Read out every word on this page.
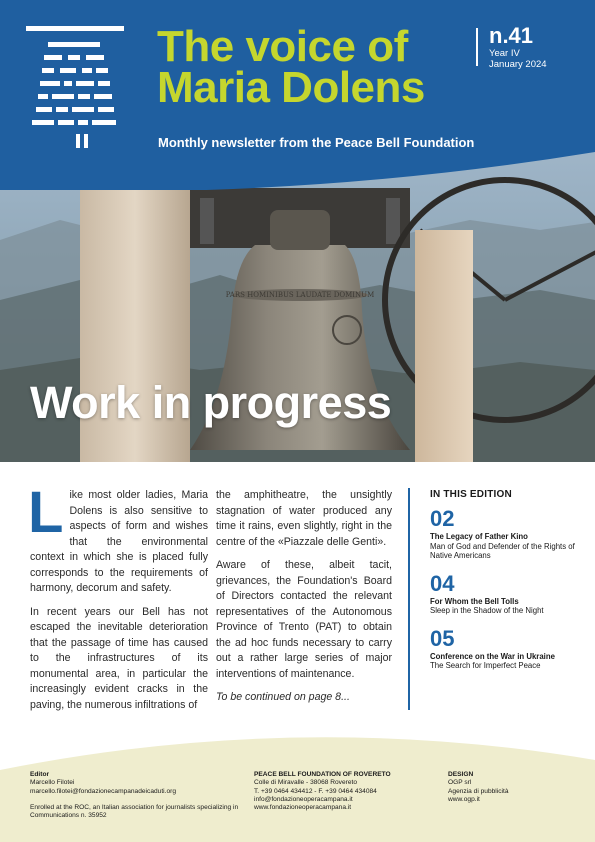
PARS HOMINIBUS LAUDATE DOMINUM
The voice of
Maria Dolens
n.41
Year IV
January 2024
Monthly newsletter from the Peace Bell Foundation
Work in progress

Like most older ladies, Maria Dolens is also sensitive to aspects of form and wishes that the environmental context in which she is placed fully corresponds to the requirements of harmony, decorum and safety.

In recent years our Bell has not escaped the inevitable deterioration that the passage of time has caused to the infrastructures of its monumental area, in particular the increasingly evident cracks in the paving, the numerous infiltrations of

the amphitheatre, the unsightly stagnation of water produced any time it rains, even slightly, right in the centre of the «Piazzale delle Genti».

Aware of these, albeit tacit, grievances, the Foundation's Board of Directors contacted the relevant representatives of the Autonomous Province of Trento (PAT) to obtain the ad hoc funds necessary to carry out a rather large series of major interventions of maintenance.

To be continued on page 8...

IN THIS EDITION
02
The Legacy of Father Kino
Man of God and Defender of the Rights of Native Americans
04
For Whom the Bell Tolls
Sleep in the Shadow of the Night
05
Conference on the War in Ukraine
The Search for Imperfect Peace
Editor
Marcello Filotei
marcello.filotei@fondazionecampanadeicaduti.org
Enrolled at the ROC, an Italian association for journalists specializing in Communications n. 35952
PEACE BELL FOUNDATION OF ROVERETO
Colle di Miravalle - 38068 Rovereto
T. +39 0464 434412 - F. +39 0464 434084
info@fondazioneoperacampana.it
www.fondazioneoperacampana.it
DESIGN
OGP srl
Agenzia di pubblicità
www.ogp.it
